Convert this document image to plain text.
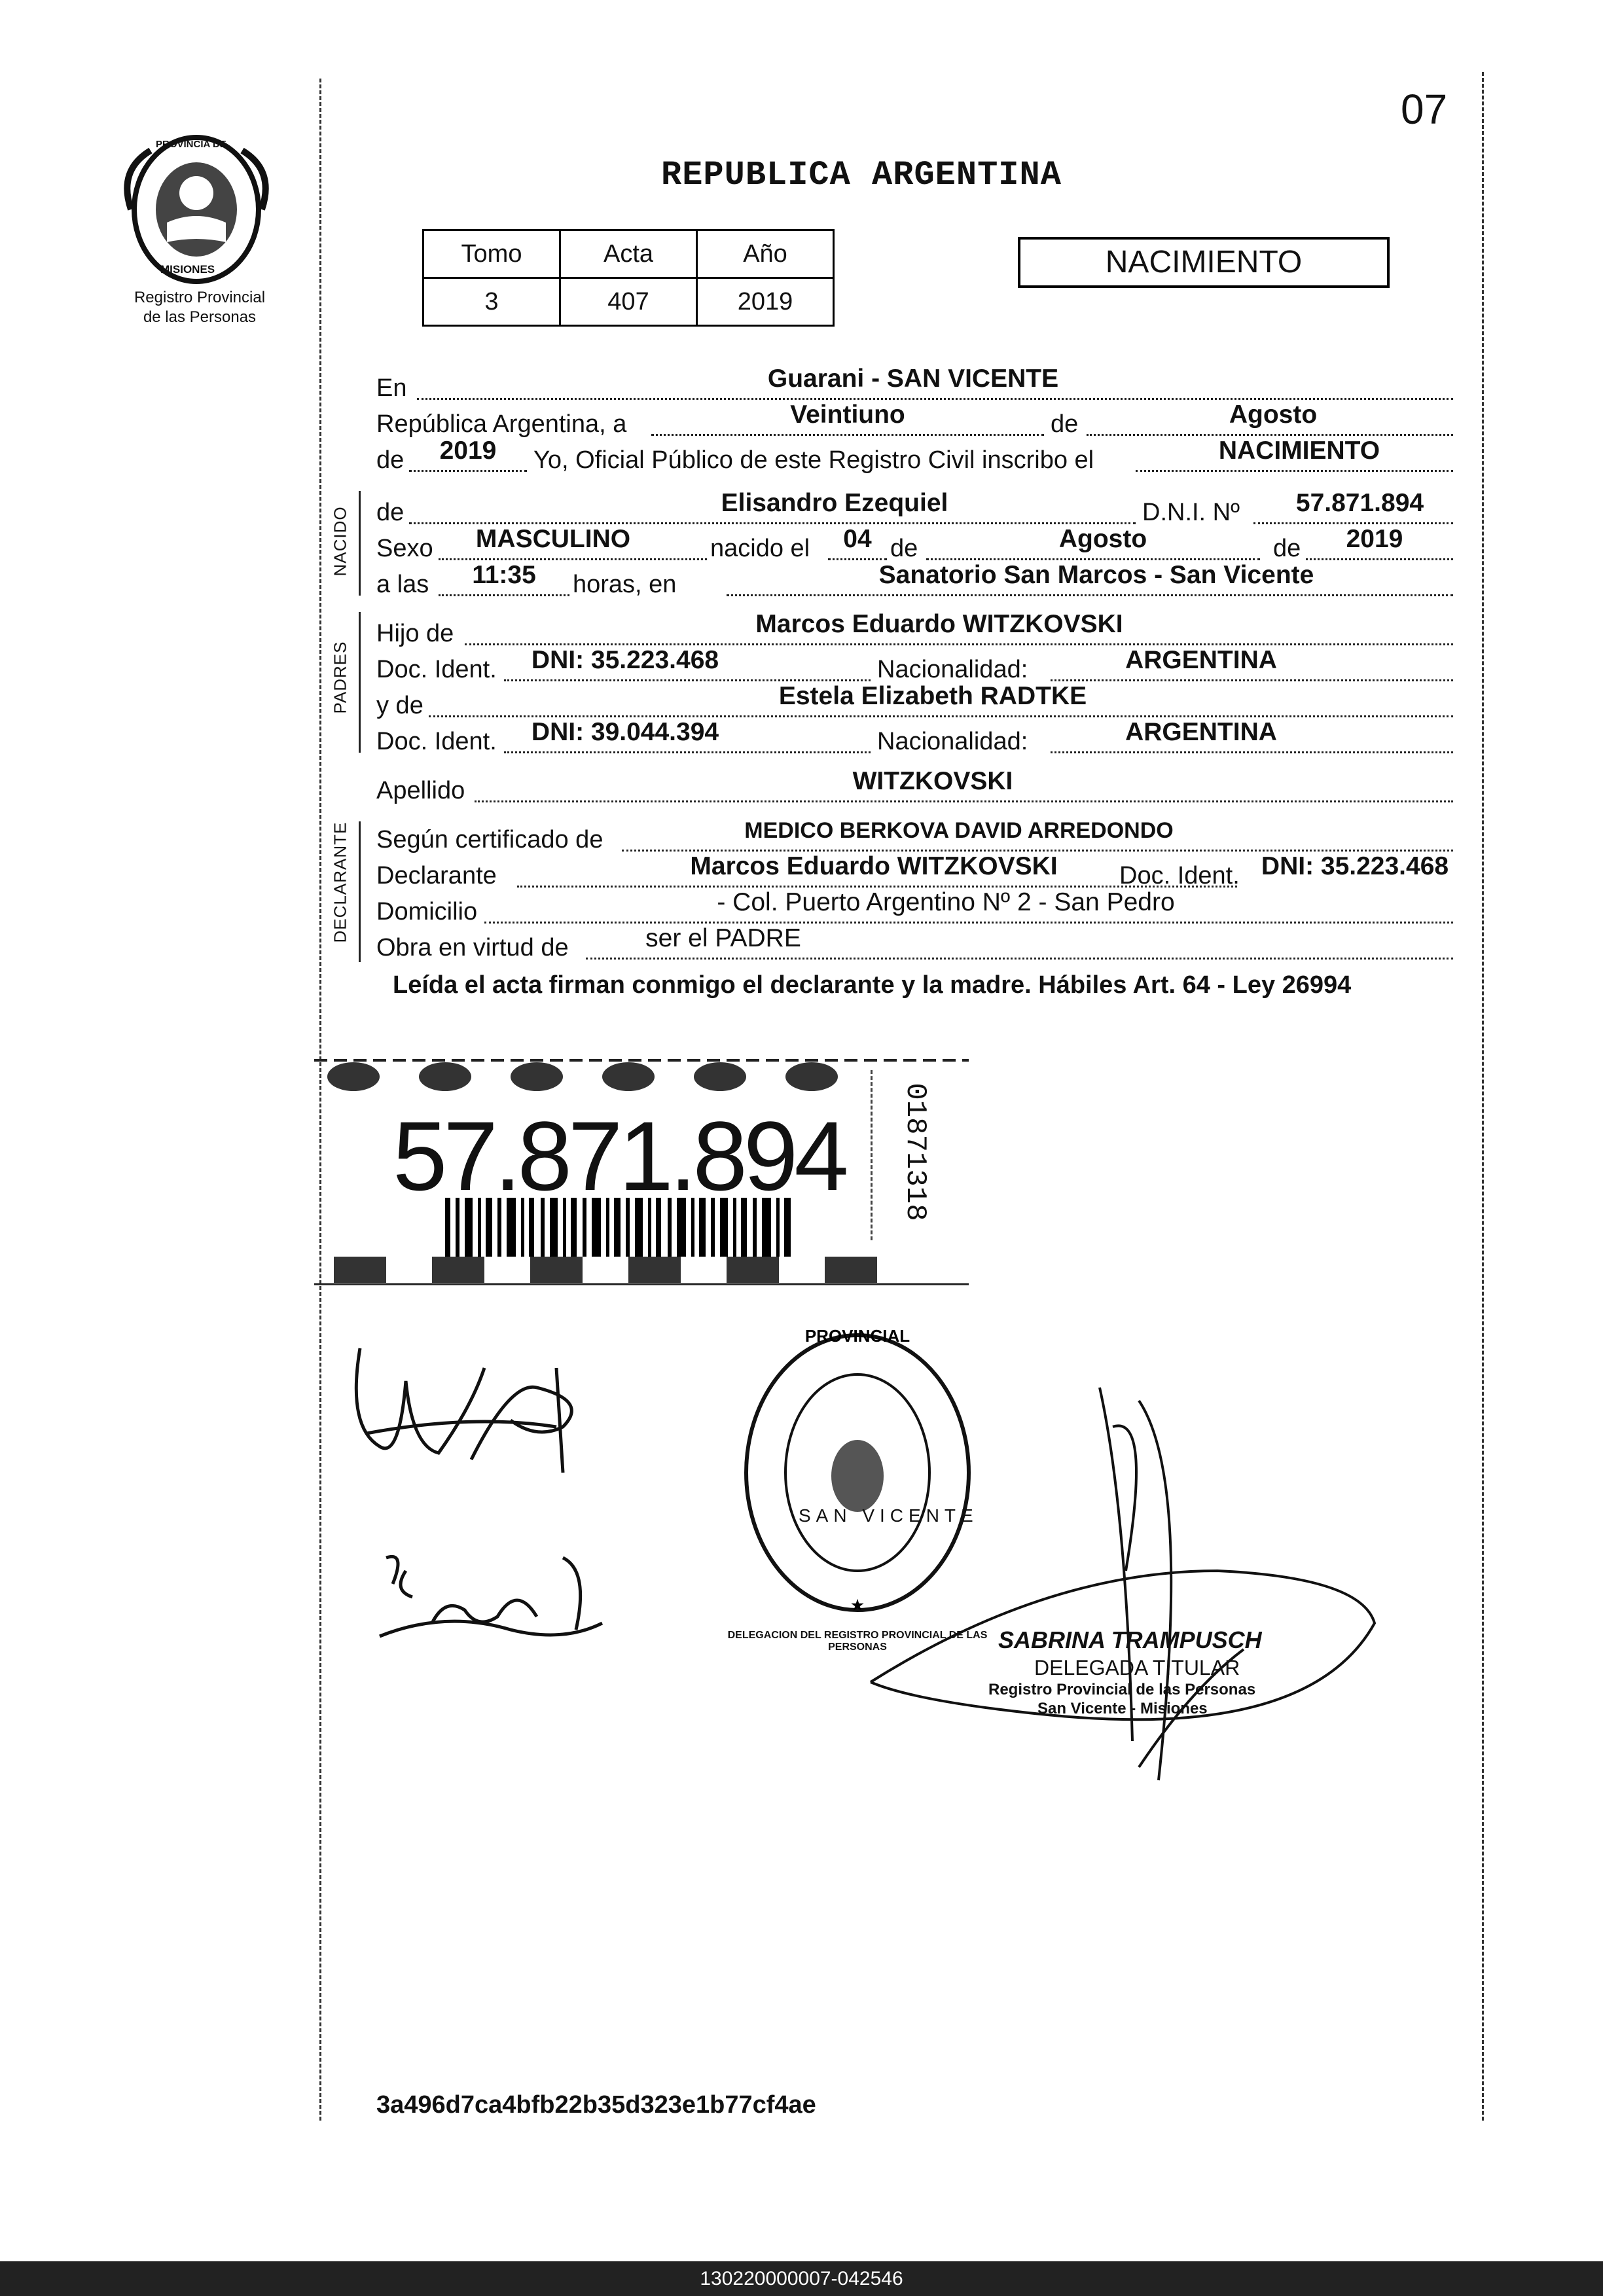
07
PROVINCIA DE
MISIONES
Registro Provincial
de las Personas
REPUBLICA ARGENTINA
Tomo	Acta	Año
3	407	2019
NACIMIENTO
En	Guarani - SAN VICENTE
República Argentina, a	Veintiuno	de	Agosto
de	2019	Yo, Oficial Público de este Registro Civil inscribo el	NACIMIENTO
NACIDO de	Elisandro Ezequiel	D.N.I. Nº	57.871.894
Sexo	MASCULINO	nacido el	04 de	Agosto	de	2019
a las	11:35	horas, en	Sanatorio San Marcos - San Vicente
PADRES
Hijo de	Marcos Eduardo WITZKOVSKI
Doc. Ident.	DNI: 35.223.468	Nacionalidad:	ARGENTINA
y de	Estela Elizabeth RADTKE
Doc. Ident.	DNI: 39.044.394	Nacionalidad:	ARGENTINA
Apellido	WITZKOVSKI
DECLARANTE Según certificado de	MEDICO BERKOVA DAVID ARREDONDO
Declarante	Marcos Eduardo WITZKOVSKI	Doc. Ident. DNI: 35.223.468
Domicilio	- Col. Puerto Argentino Nº 2 - San Pedro
Obra en virtud de	ser el PADRE
Leída el acta firman conmigo el declarante y la madre. Hábiles Art. 64 - Ley 26994
57.871.894 01871318
PROVINCIAL
★
DELEGACION DEL REGISTRO PROVINCIAL DE LAS PERSONAS
SAN VICENTE
SABRINA TRAMPUSCH
DELEGADA TITULAR
Registro Provincial de las Personas
San Vicente - Misiones
3a496d7ca4bfb22b35d323e1b77cf4ae
130220000007-042546
